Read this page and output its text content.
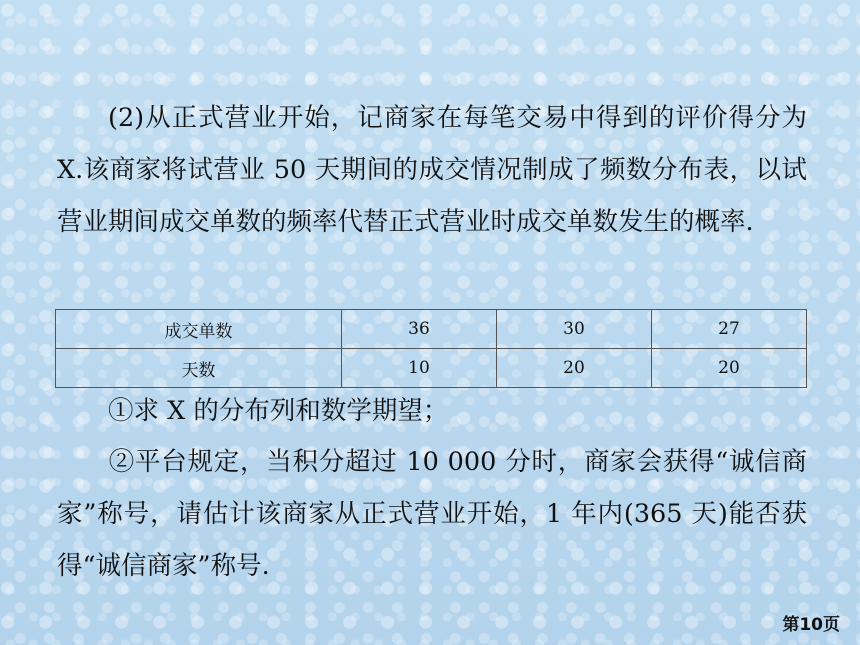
(2)从正式营业开始，记商家在每笔交易中得到的评价得分为X.该商家将试营业 50 天期间的成交情况制成了频数分布表，以试营业期间成交单数的频率代替正式营业时成交单数发生的概率.

成交单数	36	30	27
天数	10	20	20

①求 X 的分布列和数学期望；

②平台规定，当积分超过 10 000 分时，商家会获得“诚信商家”称号，请估计该商家从正式营业开始，1 年内(365 天)能否获得“诚信商家”称号.

第10页
